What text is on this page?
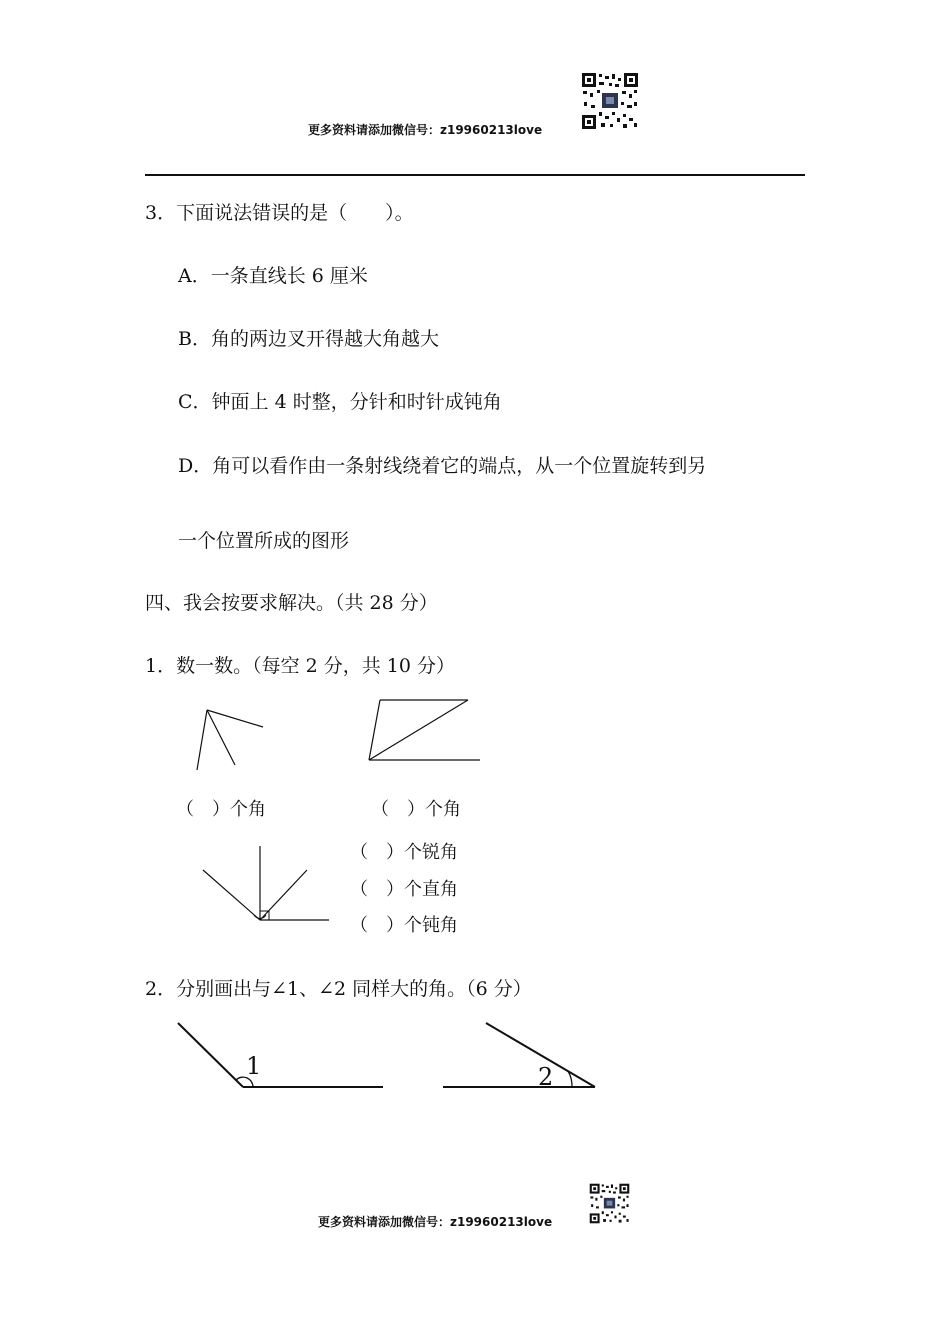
更多资料请添加微信号：z19960213love
3．下面说法错误的是（　　）。
A．一条直线长 6 厘米
B．角的两边叉开得越大角越大
C．钟面上 4 时整，分针和时针成钝角
D．角可以看作由一条射线绕着它的端点，从一个位置旋转到另
一个位置所成的图形
四、我会按要求解决。（共 28 分）
1．数一数。（每空 2 分，共 10 分）
（　）个角	（　）个角
（　）个锐角
（　）个直角
（　）个钝角
2．分别画出与∠1、∠2 同样大的角。（6 分）
1	2
更多资料请添加微信号：z19960213love
